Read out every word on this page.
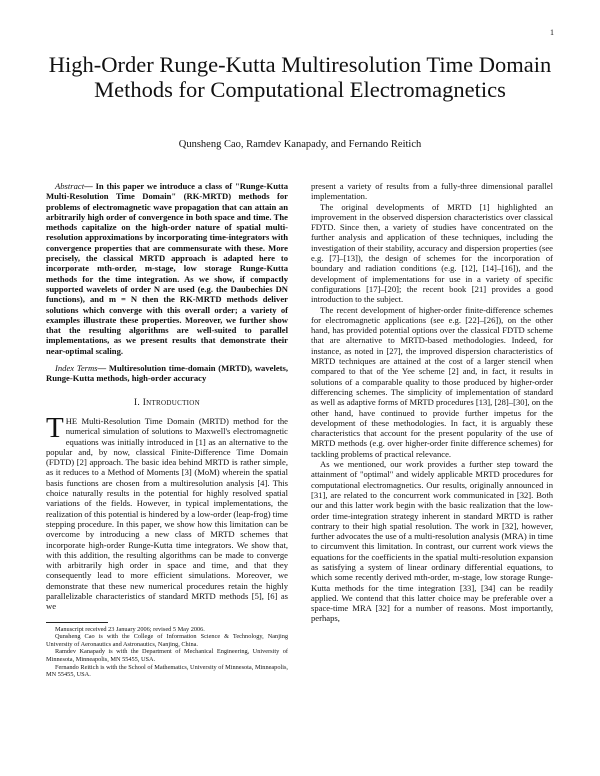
1
High-Order Runge-Kutta Multiresolution Time Domain Methods for Computational Electromagnetics
Qunsheng Cao, Ramdev Kanapady, and Fernando Reitich

Abstract— In this paper we introduce a class of "Runge-Kutta Multi-Resolution Time Domain" (RK-MRTD) methods for problems of electromagnetic wave propagation that can attain an arbitrarily high order of convergence in both space and time. The methods capitalize on the high-order nature of spatial multi-resolution approximations by incorporating time-integrators with convergence properties that are commensurate with these. More precisely, the classical MRTD approach is adapted here to incorporate mth-order, m-stage, low storage Runge-Kutta methods for the time integration. As we show, if compactly supported wavelets of order N are used (e.g. the Daubechies DN functions), and m = N then the RK-MRTD methods deliver solutions which converge with this overall order; a variety of examples illustrate these properties. Moreover, we further show that the resulting algorithms are well-suited to parallel implementations, as we present results that demonstrate their near-optimal scaling.

Index Terms— Multiresolution time-domain (MRTD), wavelets, Runge-Kutta methods, high-order accuracy

I. Introduction

THE Multi-Resolution Time Domain (MRTD) method for the numerical simulation of solutions to Maxwell's electromagnetic equations was initially introduced in [1] as an alternative to the popular and, by now, classical Finite-Difference Time Domain (FDTD) [2] approach. The basic idea behind MRTD is rather simple, as it reduces to a Method of Moments [3] (MoM) wherein the spatial basis functions are chosen from a multiresolution analysis [4]. This choice naturally results in the potential for highly resolved spatial variations of the fields. However, in typical implementations, the realization of this potential is hindered by a low-order (leap-frog) time stepping procedure. In this paper, we show how this limitation can be overcome by introducing a new class of MRTD schemes that incorporate high-order Runge-Kutta time integrators. We show that, with this addition, the resulting algorithms can be made to converge with arbitrarily high order in space and time, and that they consequently lead to more efficient simulations. Moreover, we demonstrate that these new numerical procedures retain the highly parallelizable characteristics of standard MRTD methods [5], [6] as we

Manuscript received 23 January 2006; revised 5 May 2006.

Qunsheng Cao is with the College of Information Science & Technology, Nanjing University of Aeronautics and Astronautics, Nanjing, China.

Ramdev Kanapady is with the Department of Mechanical Engineering, University of Minnesota, Minneapolis, MN 55455, USA.

Fernando Reitich is with the School of Mathematics, University of Minnesota, Minneapolis, MN 55455, USA.

present a variety of results from a fully-three dimensional parallel implementation.

The original developments of MRTD [1] highlighted an improvement in the observed dispersion characteristics over classical FDTD. Since then, a variety of studies have concentrated on the further analysis and application of these techniques, including the investigation of their stability, accuracy and dispersion properties (see e.g. [7]–[13]), the design of schemes for the incorporation of boundary and radiation conditions (e.g. [12], [14]–[16]), and the development of implementations for use in a variety of specific configurations [17]–[20]; the recent book [21] provides a good introduction to the subject.

The recent development of higher-order finite-difference schemes for electromagnetic applications (see e.g. [22]–[26]), on the other hand, has provided potential options over the classical FDTD scheme that are alternative to MRTD-based methodologies. Indeed, for instance, as noted in [27], the improved dispersion characteristics of MRTD techniques are attained at the cost of a larger stencil when compared to that of the Yee scheme [2] and, in fact, it results in solutions of a comparable quality to those produced by higher-order differencing schemes. The simplicity of implementation of standard as well as adaptive forms of MRTD procedures [13], [28]–[30], on the other hand, have continued to provide further impetus for the development of these methodologies. In fact, it is arguably these characteristics that account for the present popularity of the use of MRTD methods (e.g. over higher-order finite difference schemes) for tackling problems of practical relevance.

As we mentioned, our work provides a further step toward the attainment of "optimal" and widely applicable MRTD procedures for computational electromagnetics. Our results, originally announced in [31], are related to the concurrent work communicated in [32]. Both our and this latter work begin with the basic realization that the low-order time-integration strategy inherent in standard MRTD is rather contrary to their high spatial resolution. The work in [32], however, further advocates the use of a multi-resolution analysis (MRA) in time to circumvent this limitation. In contrast, our current work views the equations for the coefficients in the spatial multi-resolution expansion as satisfying a system of linear ordinary differential equations, to which some recently derived mth-order, m-stage, low storage Runge-Kutta methods for the time integration [33], [34] can be readily applied. We contend that this latter choice may be preferable over a space-time MRA [32] for a number of reasons. Most importantly, perhaps,
